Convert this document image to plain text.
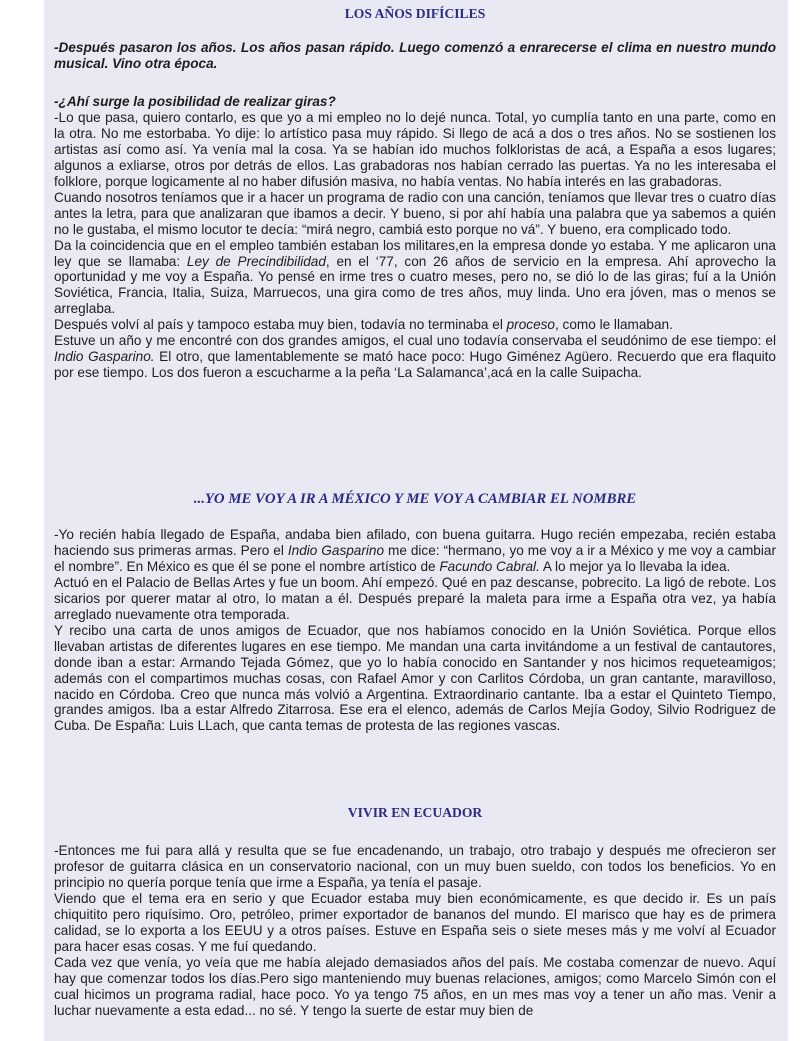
LOS AÑOS DIFÍCILES

-Después pasaron los años. Los años pasan rápido. Luego comenzó a enrarecerse el clima en nuestro mundo musical. Vino otra época.

-¿Ahí surge la posibilidad de realizar giras?

-Lo que pasa, quiero contarlo, es que yo a mi empleo no lo dejé nunca. Total, yo cumplía tanto en una parte, como en la otra. No me estorbaba. Yo dije: lo artístico pasa muy rápido. Si llego de acá a dos o tres años. No se sostienen los artistas así como así. Ya venía mal la cosa. Ya se habían ido muchos folkloristas de acá, a España a esos lugares; algunos a exliarse, otros por detrás de ellos. Las grabadoras nos habían cerrado las puertas. Ya no les interesaba el folklore, porque logicamente al no haber difusión masiva, no había ventas. No había interés en las grabadoras.

Cuando nosotros teníamos que ir a hacer un programa de radio con una canción, teníamos que llevar tres o cuatro días antes la letra, para que analizaran que ibamos a decir. Y bueno, si por ahí había una palabra que ya sabemos a quién no le gustaba, el mismo locutor te decía: “mirá negro, cambiá esto porque no vá”. Y bueno, era complicado todo.

Da la coincidencia que en el empleo también estaban los militares,en la empresa donde yo estaba. Y me aplicaron una ley que se llamaba: Ley de Precindibilidad, en el ‘77, con 26 años de servicio en la empresa. Ahí aprovecho la oportunidad y me voy a España. Yo pensé en irme tres o cuatro meses, pero no, se dió lo de las giras; fuí a la Unión Soviética, Francia, Italia, Suiza, Marruecos, una gira como de tres años, muy linda. Uno era jóven, mas o menos se arreglaba.

Después volví al país y tampoco estaba muy bien, todavía no terminaba el proceso, como le llamaban.

Estuve un año y me encontré con dos grandes amigos, el cual uno todavía conservaba el seudónimo de ese tiempo: el Indio Gasparino. El otro, que lamentablemente se mató hace poco: Hugo Giménez Agüero. Recuerdo que era flaquito por ese tiempo. Los dos fueron a escucharme a la peña ‘La Salamanca’,acá en la calle Suipacha.

...YO ME VOY A IR A MÉXICO Y ME VOY A CAMBIAR EL NOMBRE

-Yo recién había llegado de España, andaba bien afilado, con buena guitarra. Hugo recién empezaba, recién estaba haciendo sus primeras armas. Pero el Indio Gasparino me dice: “hermano, yo me voy a ir a México y me voy a cambiar el nombre”. En México es que él se pone el nombre artístico de Facundo Cabral. A lo mejor ya lo llevaba la idea.

Actuó en el Palacio de Bellas Artes y fue un boom. Ahí empezó. Qué en paz descanse, pobrecito. La ligó de rebote. Los sicarios por querer matar al otro, lo matan a él. Después preparé la maleta para irme a España otra vez, ya había arreglado nuevamente otra temporada.

Y recibo una carta de unos amigos de Ecuador, que nos habíamos conocido en la Unión Soviética. Porque ellos llevaban artistas de diferentes lugares en ese tiempo. Me mandan una carta invitándome a un festival de cantautores, donde iban a estar: Armando Tejada Gómez, que yo lo había conocido en Santander y nos hicimos requeteamigos; además con el compartimos muchas cosas, con Rafael Amor y con Carlitos Córdoba, un gran cantante, maravilloso, nacido en Córdoba. Creo que nunca más volvió a Argentina. Extraordinario cantante. Iba a estar el Quinteto Tiempo, grandes amigos. Iba a estar Alfredo Zitarrosa. Ese era el elenco, además de Carlos Mejía Godoy, Silvio Rodriguez de Cuba. De España: Luis LLach, que canta temas de protesta de las regiones vascas.

VIVIR EN ECUADOR

-Entonces me fui para allá y resulta que se fue encadenando, un trabajo, otro trabajo y después me ofrecieron ser profesor de guitarra clásica en un conservatorio nacional, con un muy buen sueldo, con todos los beneficios. Yo en principio no quería porque tenía que irme a España, ya tenía el pasaje.

Viendo que el tema era en serio y que Ecuador estaba muy bien económicamente, es que decido ir. Es un país chiquitito pero riquísimo. Oro, petróleo, primer exportador de bananos del mundo. El marisco que hay es de primera calidad, se lo exporta a los EEUU y a otros países. Estuve en España seis o siete meses más y me volví al Ecuador para hacer esas cosas. Y me fuí quedando.

Cada vez que venía, yo veía que me había alejado demasiados años del país. Me costaba comenzar de nuevo. Aquí hay que comenzar todos los días.Pero sigo manteniendo muy buenas relaciones, amigos; como Marcelo Simón con el cual hicimos un programa radial, hace poco. Yo ya tengo 75 años, en un mes mas voy a tener un año mas. Venir a luchar nuevamente a esta edad... no sé. Y tengo la suerte de estar muy bien de
